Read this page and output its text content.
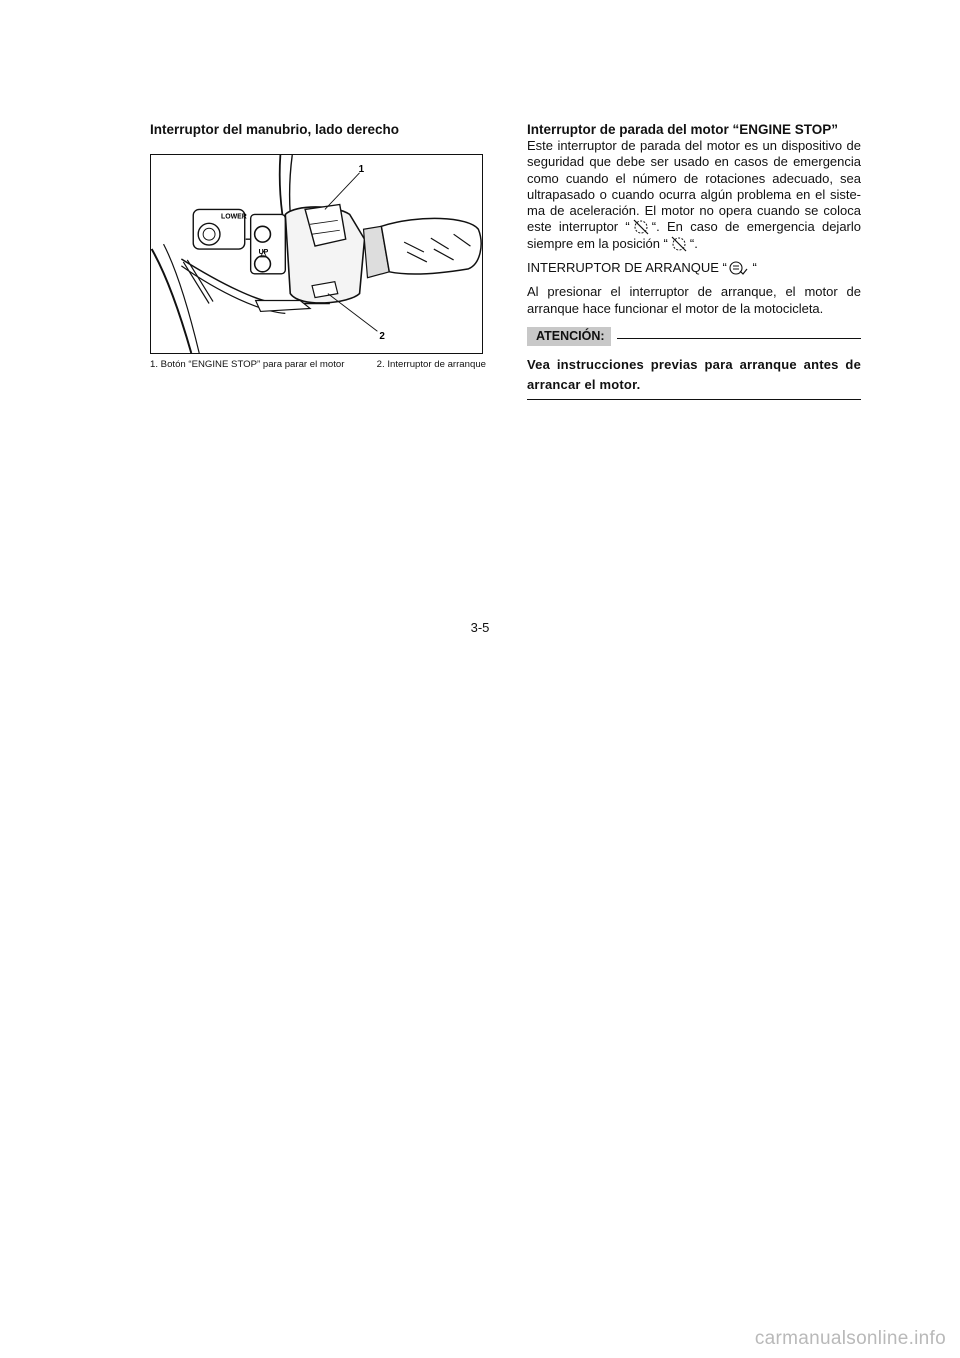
Interruptor del manubrio, lado derecho

LOWER
UP
1
2
1. Botón “ENGINE STOP” para parar el motor	2. Interruptor de arranque

Interruptor de parada del motor “ENGINE STOP”

Este interruptor de parada del motor es un dispositivo de seguridad que debe ser usado en casos de emergencia como cuando el número de rotaciones adecuado, sea ultrapasado o cuando ocurra algún problema en el siste- ma de aceleración. El motor no opera cuando se coloca este interruptor “ “. En caso de emergencia dejarlo siempre em la posición “ “.

INTERRUPTOR DE ARRANQUE “ “

Al presionar el interruptor de arranque, el motor de arranque hace funcionar el motor de la motocicleta.

ATENCIÓN:

Vea instrucciones previas para arranque antes de arrancar el motor.

3-5
carmanualsonline.info
